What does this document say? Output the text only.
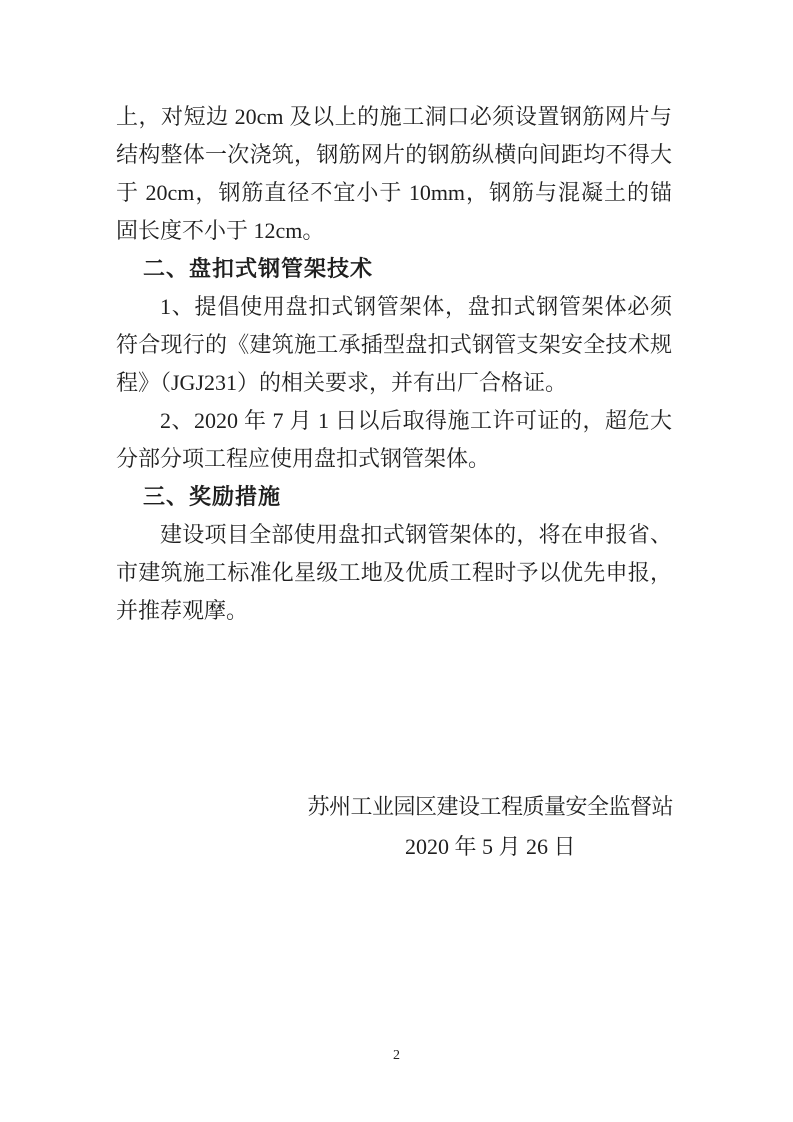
上，对短边 20cm 及以上的施工洞口必须设置钢筋网片与结构整体一次浇筑，钢筋网片的钢筋纵横向间距均不得大于 20cm，钢筋直径不宜小于 10mm，钢筋与混凝土的锚固长度不小于 12cm。

二、盘扣式钢管架技术

1、提倡使用盘扣式钢管架体，盘扣式钢管架体必须符合现行的《建筑施工承插型盘扣式钢管支架安全技术规程》（JGJ231）的相关要求，并有出厂合格证。

2、2020 年 7 月 1 日以后取得施工许可证的，超危大分部分项工程应使用盘扣式钢管架体。

三、奖励措施

建设项目全部使用盘扣式钢管架体的，将在申报省、市建筑施工标准化星级工地及优质工程时予以优先申报，并推荐观摩。

苏州工业园区建设工程质量安全监督站
2020 年 5 月 26 日
2
